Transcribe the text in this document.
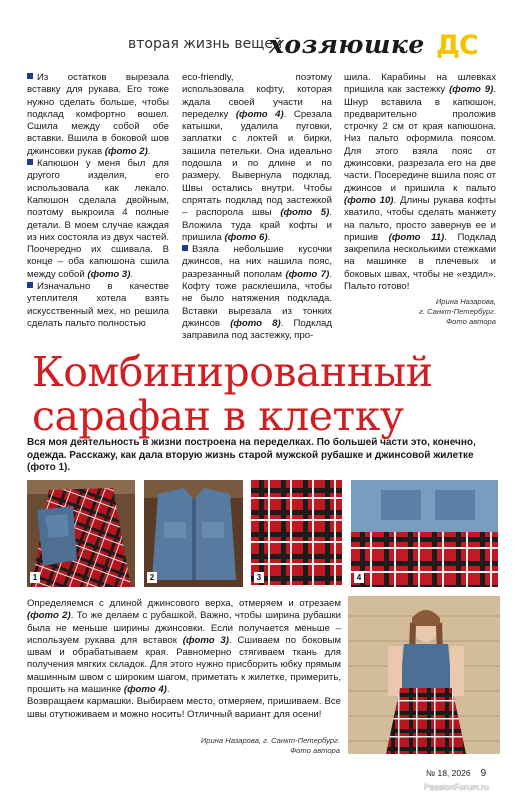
вторая жизнь вещей
хозяюшке ДС

Из остатков вырезала вставку для рукава. Его тоже нужно сделать больше, чтобы подклад комфортно вошел. Сшила между собой обе вставки. Вшила в боковой шов джинсовки рукав (фото 2).

Капюшон у меня был для другого изделия, его использовала как лекало. Капюшон сделала двойным, поэтому выкроила 4 полные детали. В моем случае каждая из них состояла из двух частей. Поочередно их сшивала. В конце – оба капюшона сшила между собой (фото 3).

Изначально в качестве утеплителя хотела взять искусственный мех, но решила сделать пальто полностью

eco-friendly, поэтому использовала кофту, которая ждала своей участи на переделку (фото 4). Срезала катышки, удалила пуговки, заплатки с локтей и бирки, зашила петельки. Она идеально подошла и по длине и по размеру. Вывернула подклад. Швы остались внутри. Чтобы спрятать подклад под застежкой – распорола швы (фото 5). Вложила туда край кофты и пришила (фото 6).

Взяла небольшие кусочки джинсов, на них нашила пояс, разрезанный пополам (фото 7). Кофту тоже расклешила, чтобы не было натяжения подклада. Вставки вырезала из тонких джинсов (фото 8). Подклад заправила под застежку, про-

шила. Карабины на шлевках пришила как застежку (фото 9). Шнур вставила в капюшон, предварительно проложив строчку 2 см от края капюшона. Низ пальто оформила поясом. Для этого взяла пояс от джинсовки, разрезала его на две части. Посередине вшила пояс от джинсов и пришила к пальто (фото 10). Длины рукава кофты хватило, чтобы сделать манжету на пальто, просто завернув ее и пришив (фото 11). Подклад закрепила несколькими стежками на машинке в плечевых и боковых швах, чтобы не «ездил». Пальто готово!

Ирина Назарова,
г. Санкт-Петербург.
Фото автора
Комбинированный
сарафан в клетку
Вся моя деятельность в жизни построена на переделках. По большей части это, конечно, одежда. Расскажу, как дала вторую жизнь старой мужской рубашке и джинсовой жилетке (фото 1).
1	2	3	4

Определяемся с длиной джинсового верха, отмеряем и отрезаем (фото 2). То же делаем с рубашкой. Важно, чтобы ширина рубашки была не меньше ширины джинсовки. Если получается меньше – используем рукава для вставок (фото 3). Сшиваем по боковым швам и обрабатываем края. Равномерно стягиваем ткань для получения мягких складок. Для этого нужно присборить юбку прямым машинным швом с широким шагом, приметать к жилетке, примерить, прошить на машинке (фото 4).

Возвращаем кармашки. Выбираем место, отмеряем, пришиваем. Все швы отутюживаем и можно носить! Отличный вариант для осени!

Ирина Назарова, г. Санкт-Петербург.
Фото автора
№ 18, 2026 9
PassionForum.ru
